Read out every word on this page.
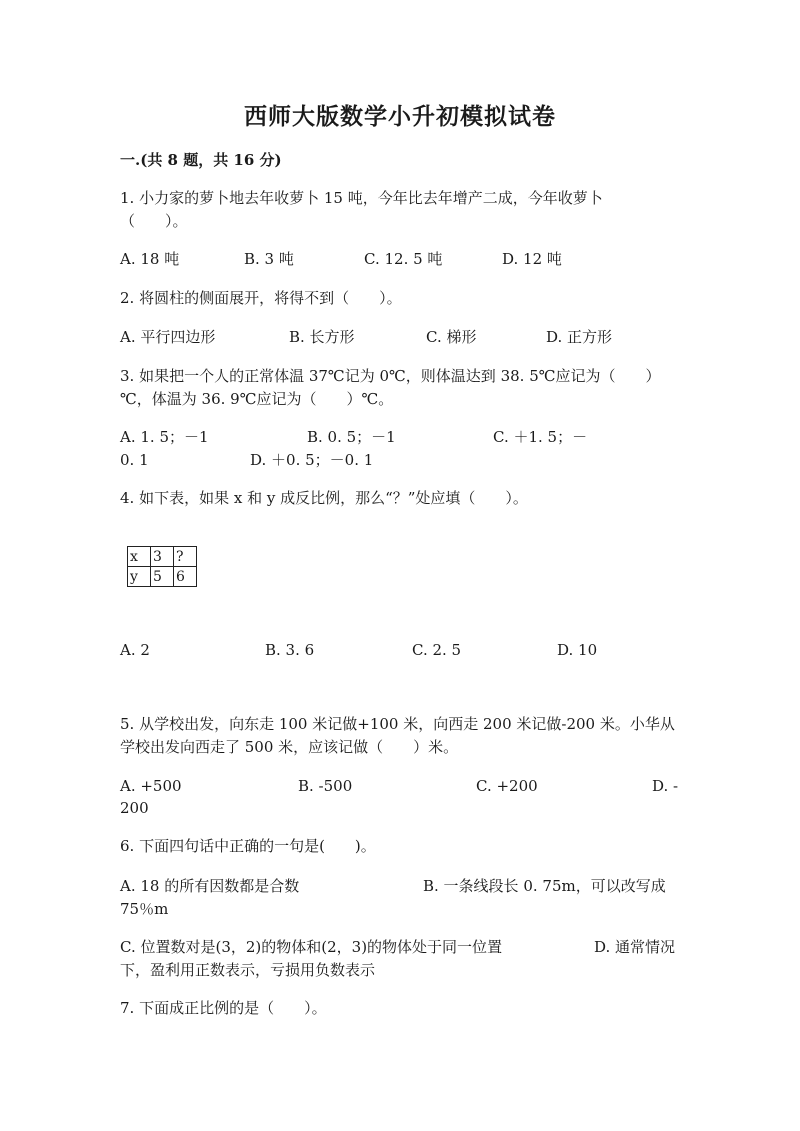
西师大版数学小升初模拟试卷
一.(共 8 题，共 16 分)
1. 小力家的萝卜地去年收萝卜 15 吨，今年比去年增产二成，今年收萝卜
（　　）。
A. 18 吨	B. 3 吨	C. 12. 5 吨	D. 12 吨
2. 将圆柱的侧面展开，将得不到（　　）。
A. 平行四边形	B. 长方形	C. 梯形	D. 正方形
3. 如果把一个人的正常体温 37℃记为 0℃，则体温达到 38. 5℃应记为（　　）
℃，体温为 36. 9℃应记为（　　）℃。
A. 1. 5；－1	B. 0. 5；－1	C. ＋1. 5；－
0. 1	D. ＋0. 5；－0. 1
4. 如下表，如果 x 和 y 成反比例，那么“？”处应填（　　）。
x	3	?
y	5	6
A. 2	B. 3. 6	C. 2. 5	D. 10
5. 从学校出发，向东走 100 米记做+100 米，向西走 200 米记做-200 米。小华从
学校出发向西走了 500 米，应该记做（　　）米。
A. +500	B. -500	C. +200	D. -
200
6. 下面四句话中正确的一句是(　　)。
A. 18 的所有因数都是合数	B. 一条线段长 0. 75m，可以改写成
75％m
C. 位置数对是(3，2)的物体和(2，3)的物体处于同一位置	D. 通常情况
下，盈利用正数表示，亏损用负数表示
7. 下面成正比例的是（　　）。
